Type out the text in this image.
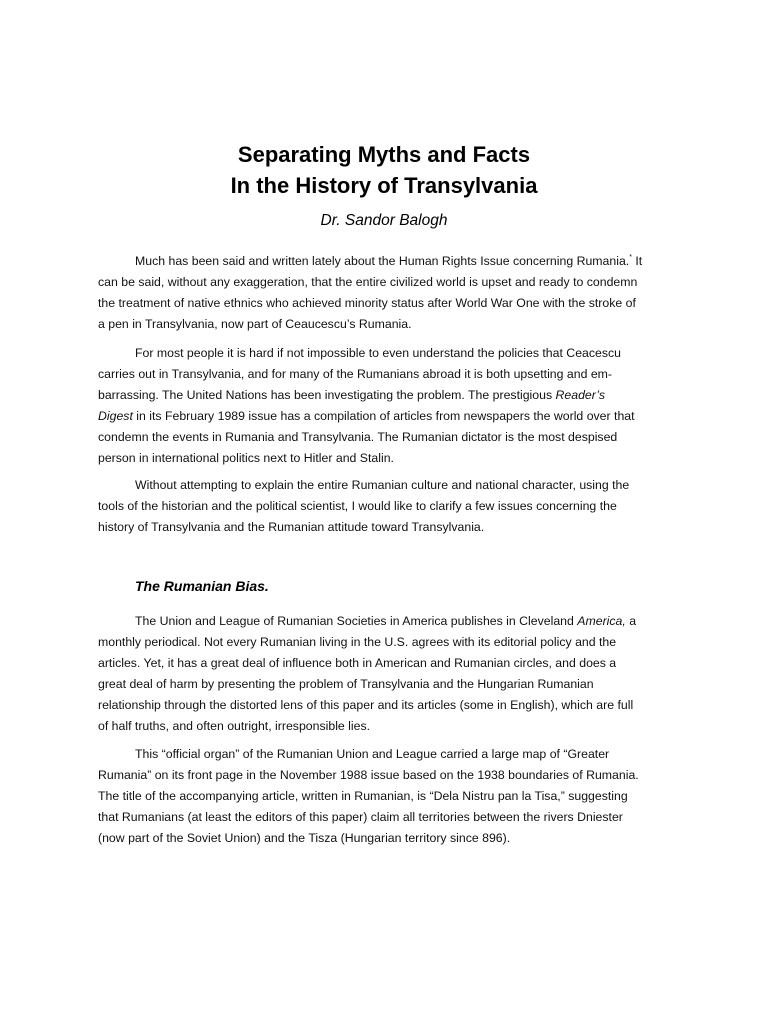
Separating Myths and Facts
In the History of Transylvania
Dr. Sandor Balogh
Much has been said and written lately about the Human Rights Issue concerning Rumania.* It
can be said, without any exaggeration, that the entire civilized world is upset and ready to condemn
the treatment of native ethnics who achieved minority status after World War One with the stroke of
a pen in Transylvania, now part of Ceaucescu’s Rumania.
For most people it is hard if not impossible to even understand the policies that Ceacescu
carries out in Transylvania, and for many of the Rumanians abroad it is both upsetting and em-
barrassing. The United Nations has been investigating the problem. The prestigious Reader’s
Digest in its February 1989 issue has a compilation of articles from newspapers the world over that
condemn the events in Rumania and Transylvania. The Rumanian dictator is the most despised
person in international politics next to Hitler and Stalin.
Without attempting to explain the entire Rumanian culture and national character, using the
tools of the historian and the political scientist, I would like to clarify a few issues concerning the
history of Transylvania and the Rumanian attitude toward Transylvania.
The Rumanian Bias.
The Union and League of Rumanian Societies in America publishes in Cleveland America, a
monthly periodical. Not every Rumanian living in the U.S. agrees with its editorial policy and the
articles. Yet, it has a great deal of influence both in American and Rumanian circles, and does a
great deal of harm by presenting the problem of Transylvania and the Hungarian Rumanian
relationship through the distorted lens of this paper and its articles (some in English), which are full
of half truths, and often outright, irresponsible lies.
This “official organ” of the Rumanian Union and League carried a large map of “Greater
Rumania” on its front page in the November 1988 issue based on the 1938 boundaries of Rumania.
The title of the accompanying article, written in Rumanian, is “Dela Nistru pan la Tisa,” suggesting
that Rumanians (at least the editors of this paper) claim all territories between the rivers Dniester
(now part of the Soviet Union) and the Tisza (Hungarian territory since 896).
